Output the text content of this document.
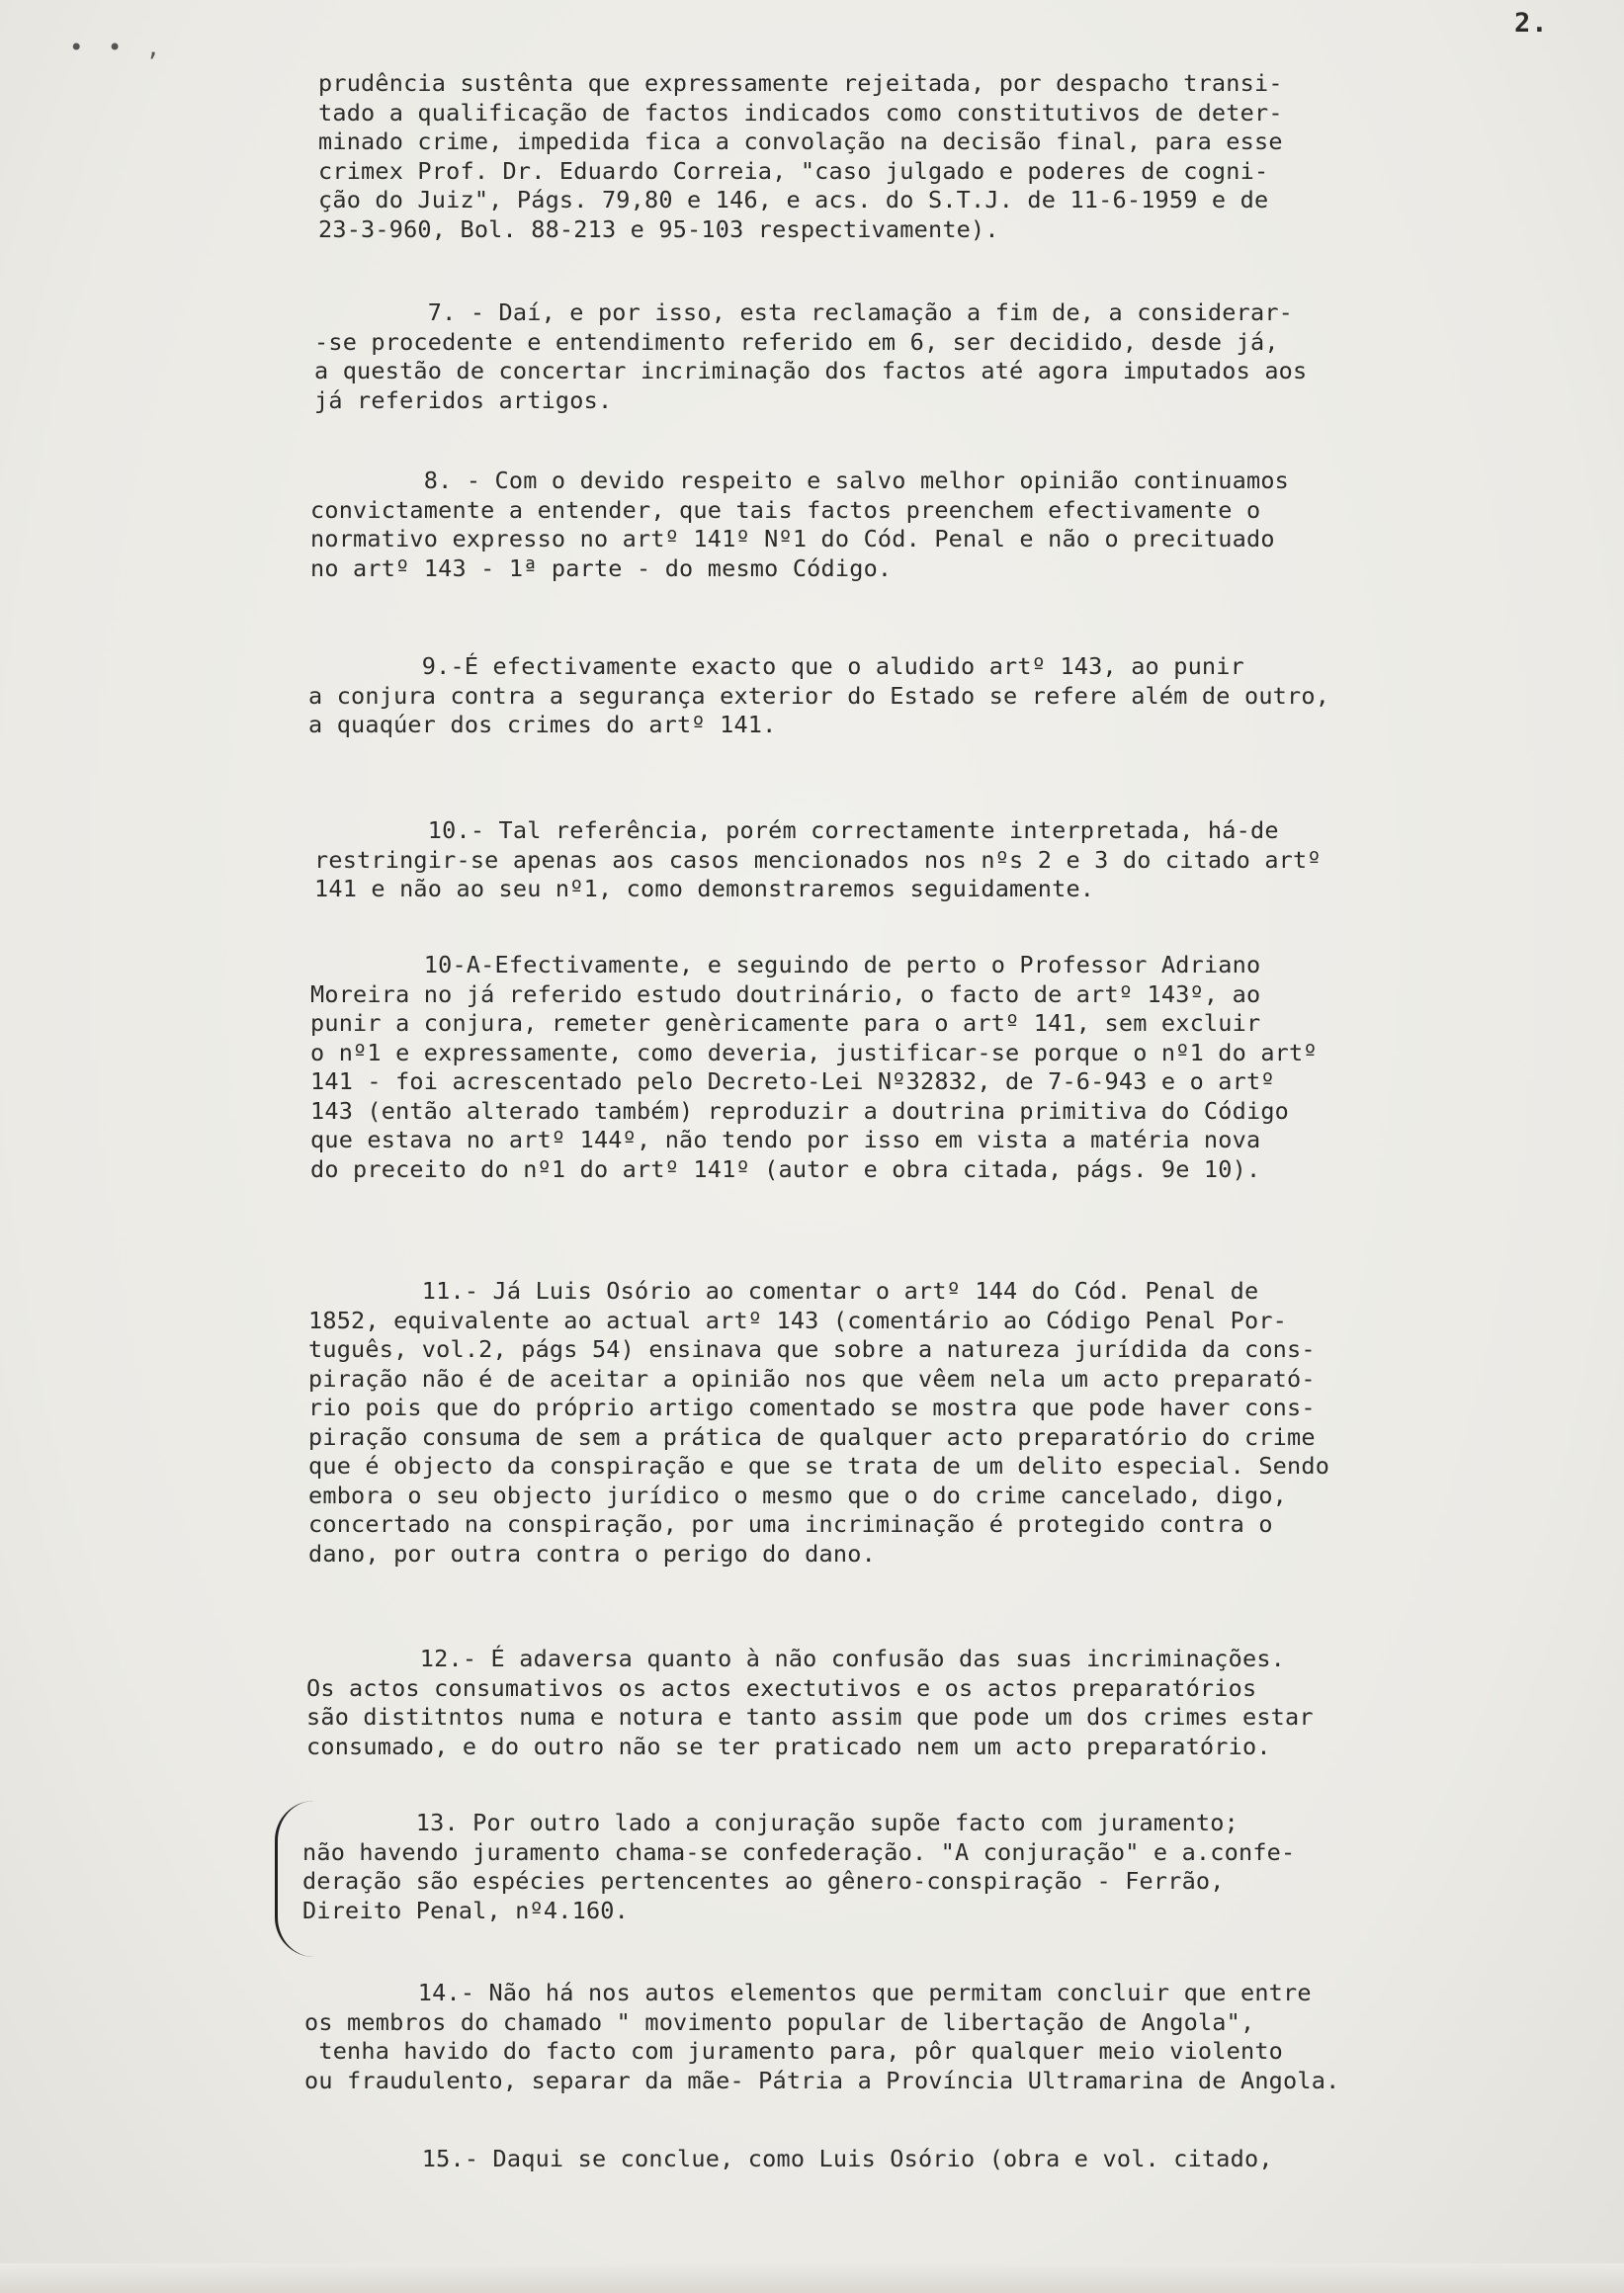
• • ,
2.

prudência sustênta que expressamente rejeitada, por despacho transi-
tado a qualificação de factos indicados como constitutivos de deter-
minado crime, impedida fica a convolação na decisão final, para esse
crimex Prof. Dr. Eduardo Correia, "caso julgado e poderes de cogni-
ção do Juiz", Págs. 79,80 e 146, e acs. do S.T.J. de 11-6-1959 e de
23-3-960, Bol. 88-213 e 95-103 respectivamente).

7. - Daí, e por isso, esta reclamação a fim de, a considerar-
-se procedente e entendimento referido em 6, ser decidido, desde já,
a questão de concertar incriminação dos factos até agora imputados aos
já referidos artigos.

8. - Com o devido respeito e salvo melhor opinião continuamos
convictamente a entender, que tais factos preenchem efectivamente o
normativo expresso no artº 141º Nº1 do Cód. Penal e não o precituado
no artº 143 - 1ª parte - do mesmo Código.

9.-É efectivamente exacto que o aludido artº 143, ao punir
a conjura contra a segurança exterior do Estado se refere além de outro,
a quaqúer dos crimes do artº 141.

10.- Tal referência, porém correctamente interpretada, há-de
restringir-se apenas aos casos mencionados nos nºs 2 e 3 do citado artº
141 e não ao seu nº1, como demonstraremos seguidamente.

10-A-Efectivamente, e seguindo de perto o Professor Adriano
Moreira no já referido estudo doutrinário, o facto de artº 143º, ao
punir a conjura, remeter genèricamente para o artº 141, sem excluir
o nº1 e expressamente, como deveria, justificar-se porque o nº1 do artº
141 - foi acrescentado pelo Decreto-Lei Nº32832, de 7-6-943 e o artº
143 (então alterado também) reproduzir a doutrina primitiva do Código
que estava no artº 144º, não tendo por isso em vista a matéria nova
do preceito do nº1 do artº 141º (autor e obra citada, págs. 9e 10).

11.- Já Luis Osório ao comentar o artº 144 do Cód. Penal de
1852, equivalente ao actual artº 143 (comentário ao Código Penal Por-
tuguês, vol.2, págs 54) ensinava que sobre a natureza jurídida da cons-
piração não é de aceitar a opinião nos que vêem nela um acto preparató-
rio pois que do próprio artigo comentado se mostra que pode haver cons-
piração consuma de sem a prática de qualquer acto preparatório do crime
que é objecto da conspiração e que se trata de um delito especial. Sendo
embora o seu objecto jurídico o mesmo que o do crime cancelado, digo,
concertado na conspiração, por uma incriminação é protegido contra o
dano, por outra contra o perigo do dano.

12.- É adaversa quanto à não confusão das suas incriminações.
Os actos consumativos os actos exectutivos e os actos preparatórios
são distitntos numa e notura e tanto assim que pode um dos crimes estar
consumado, e do outro não se ter praticado nem um acto preparatório.

13. Por outro lado a conjuração supõe facto com juramento;
não havendo juramento chama-se confederação. "A conjuração" e a.confe-
deração são espécies pertencentes ao gênero-conspiração - Ferrão,
Direito Penal, nº4.160.

14.- Não há nos autos elementos que permitam concluir que entre
os membros do chamado " movimento popular de libertação de Angola",
tenha havido do facto com juramento para, pôr qualquer meio violento
ou fraudulento, separar da mãe- Pátria a Província Ultramarina de Angola.

15.- Daqui se conclue, como Luis Osório (obra e vol. citado,
